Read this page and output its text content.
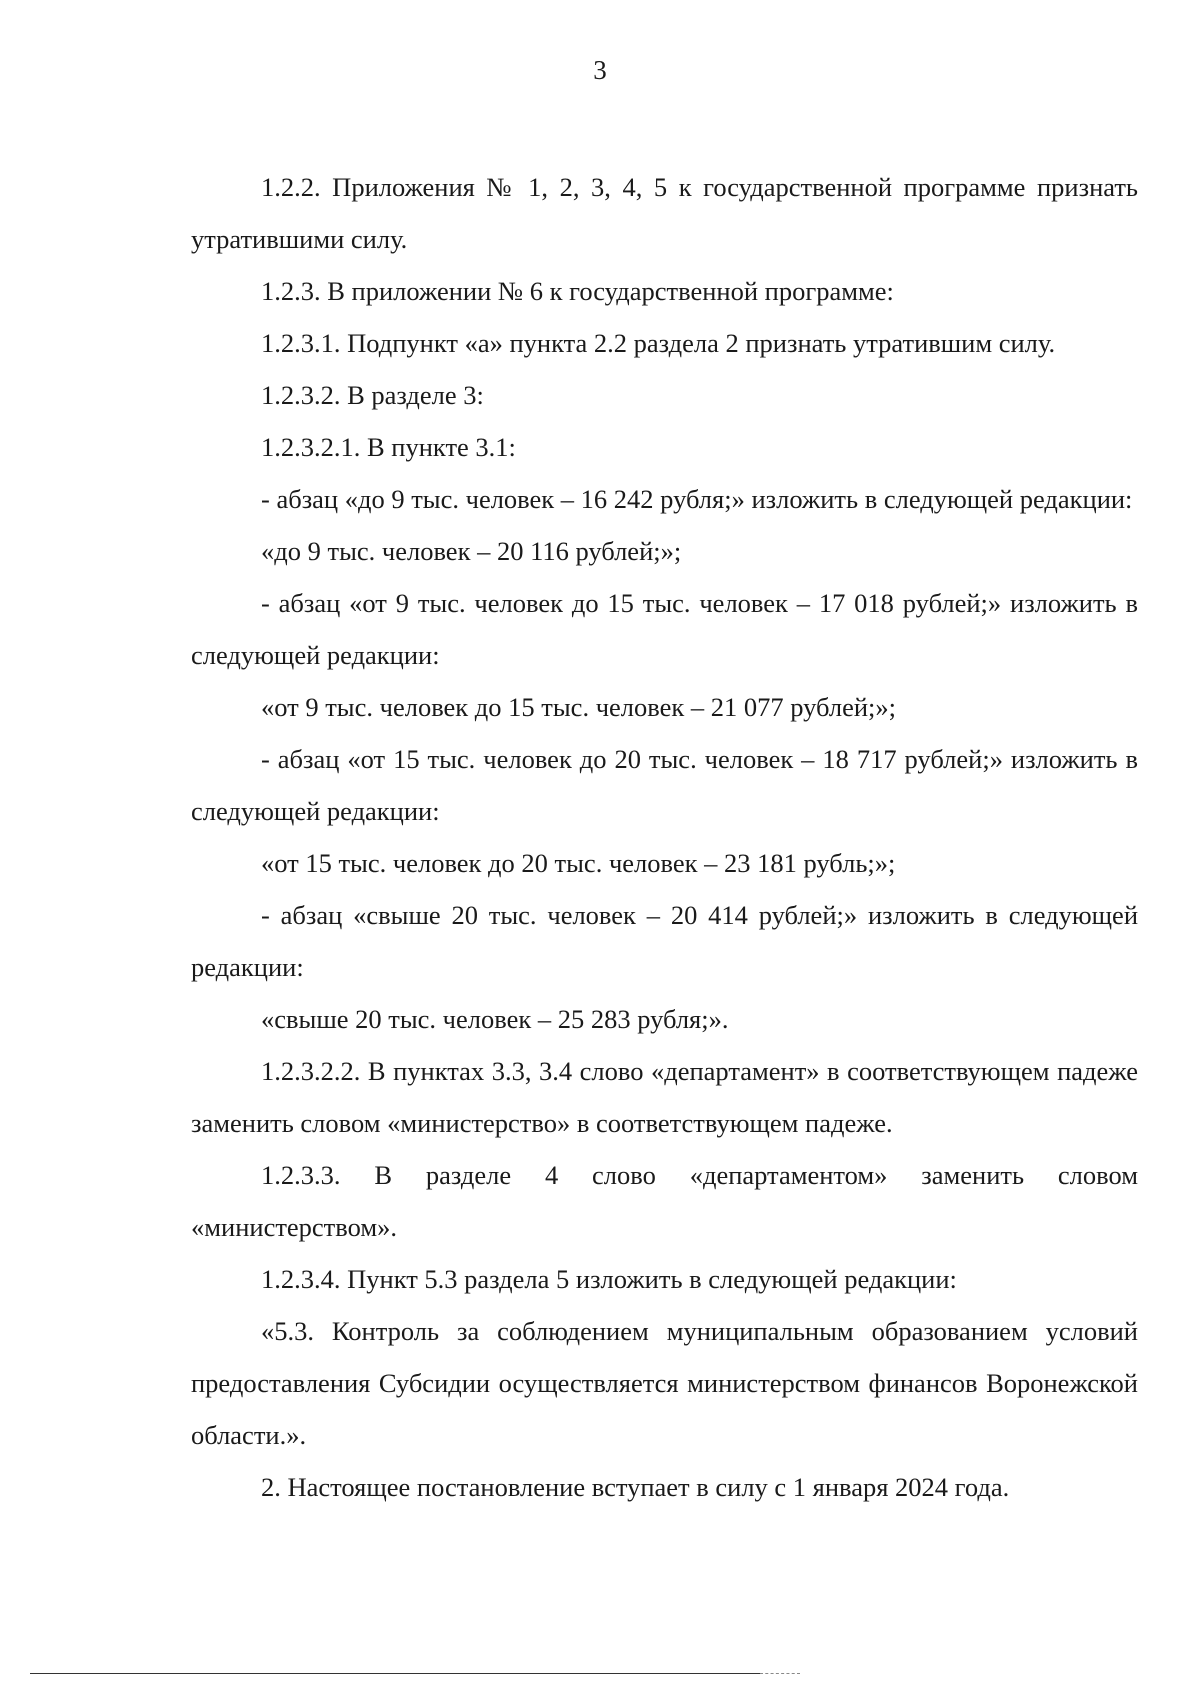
3

1.2.2. Приложения № 1, 2, 3, 4, 5 к государственной программе признать утратившими силу.

1.2.3. В приложении № 6 к государственной программе:

1.2.3.1. Подпункт «а» пункта 2.2 раздела 2 признать утратившим силу.

1.2.3.2. В разделе 3:

1.2.3.2.1. В пункте 3.1:

- абзац «до 9 тыс. человек – 16 242 рубля;» изложить в следующей редакции:

«до 9 тыс. человек – 20 116 рублей;»;

- абзац «от 9 тыс. человек до 15 тыс. человек – 17 018 рублей;» изложить в следующей редакции:

«от 9 тыс. человек до 15 тыс. человек – 21 077 рублей;»;

- абзац «от 15 тыс. человек до 20 тыс. человек – 18 717 рублей;» изложить в следующей редакции:

«от 15 тыс. человек до 20 тыс. человек – 23 181 рубль;»;

- абзац «свыше 20 тыс. человек – 20 414 рублей;» изложить в следующей редакции:

«свыше 20 тыс. человек – 25 283 рубля;».

1.2.3.2.2. В пунктах 3.3, 3.4 слово «департамент» в соответствующем падеже заменить словом «министерство» в соответствующем падеже.

1.2.3.3. В разделе 4 слово «департаментом» заменить словом «министерством».

1.2.3.4. Пункт 5.3 раздела 5 изложить в следующей редакции:

«5.3. Контроль за соблюдением муниципальным образованием условий предоставления Субсидии осуществляется министерством финансов Воронежской области.».

2. Настоящее постановление вступает в силу с 1 января 2024 года.
